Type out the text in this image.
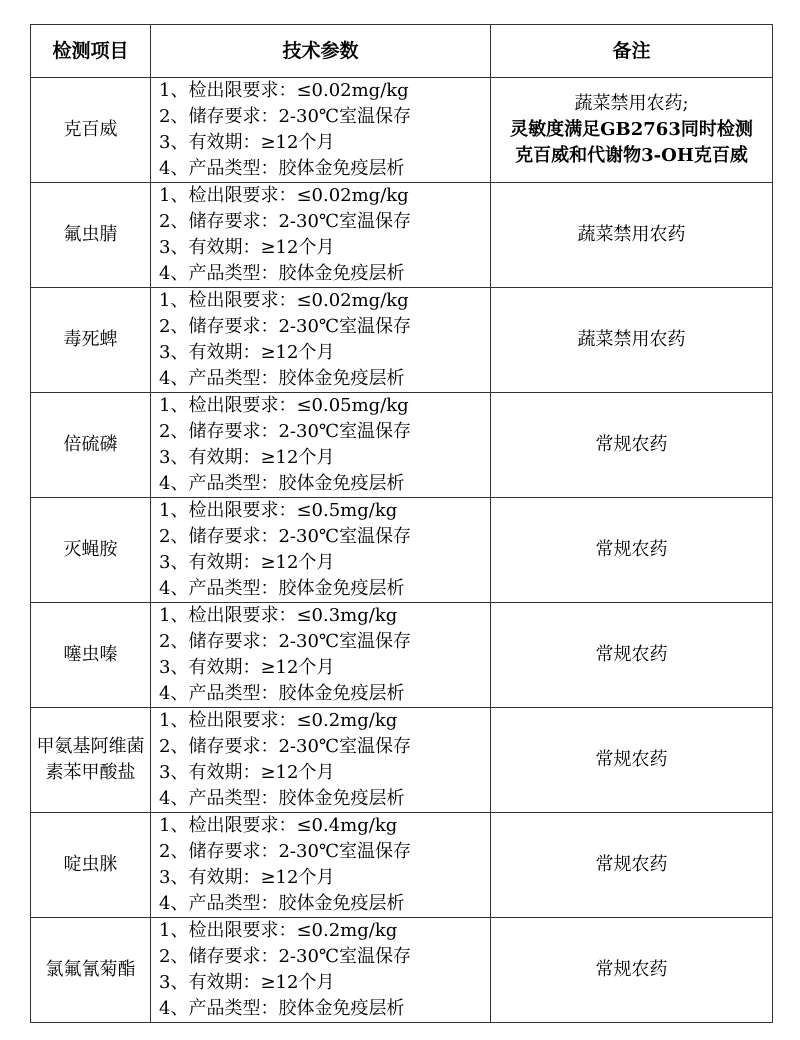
检测项目	技术参数	备注
克百威	1、检出限要求：≤0.02mg/kg
2、储存要求：2-30℃室温保存
3、有效期：≥12个月
4、产品类型：胶体金免疫层析	蔬菜禁用农药;
灵敏度满足GB2763同时检测
克百威和代谢物3-OH克百威

氟虫腈	1、检出限要求：≤0.02mg/kg
2、储存要求：2-30℃室温保存
3、有效期：≥12个月
4、产品类型：胶体金免疫层析	蔬菜禁用农药

毒死蜱	1、检出限要求：≤0.02mg/kg
2、储存要求：2-30℃室温保存
3、有效期：≥12个月
4、产品类型：胶体金免疫层析	蔬菜禁用农药

倍硫磷	1、检出限要求：≤0.05mg/kg
2、储存要求：2-30℃室温保存
3、有效期：≥12个月
4、产品类型：胶体金免疫层析	常规农药

灭蝇胺	1、检出限要求：≤0.5mg/kg
2、储存要求：2-30℃室温保存
3、有效期：≥12个月
4、产品类型：胶体金免疫层析	常规农药

噻虫嗪	1、检出限要求：≤0.3mg/kg
2、储存要求：2-30℃室温保存
3、有效期：≥12个月
4、产品类型：胶体金免疫层析	常规农药

甲氨基阿维菌素苯甲酸盐	1、检出限要求：≤0.2mg/kg
2、储存要求：2-30℃室温保存
3、有效期：≥12个月
4、产品类型：胶体金免疫层析	常规农药

啶虫脒	1、检出限要求：≤0.4mg/kg
2、储存要求：2-30℃室温保存
3、有效期：≥12个月
4、产品类型：胶体金免疫层析	常规农药

氯氟氰菊酯	1、检出限要求：≤0.2mg/kg
2、储存要求：2-30℃室温保存
3、有效期：≥12个月
4、产品类型：胶体金免疫层析	常规农药
